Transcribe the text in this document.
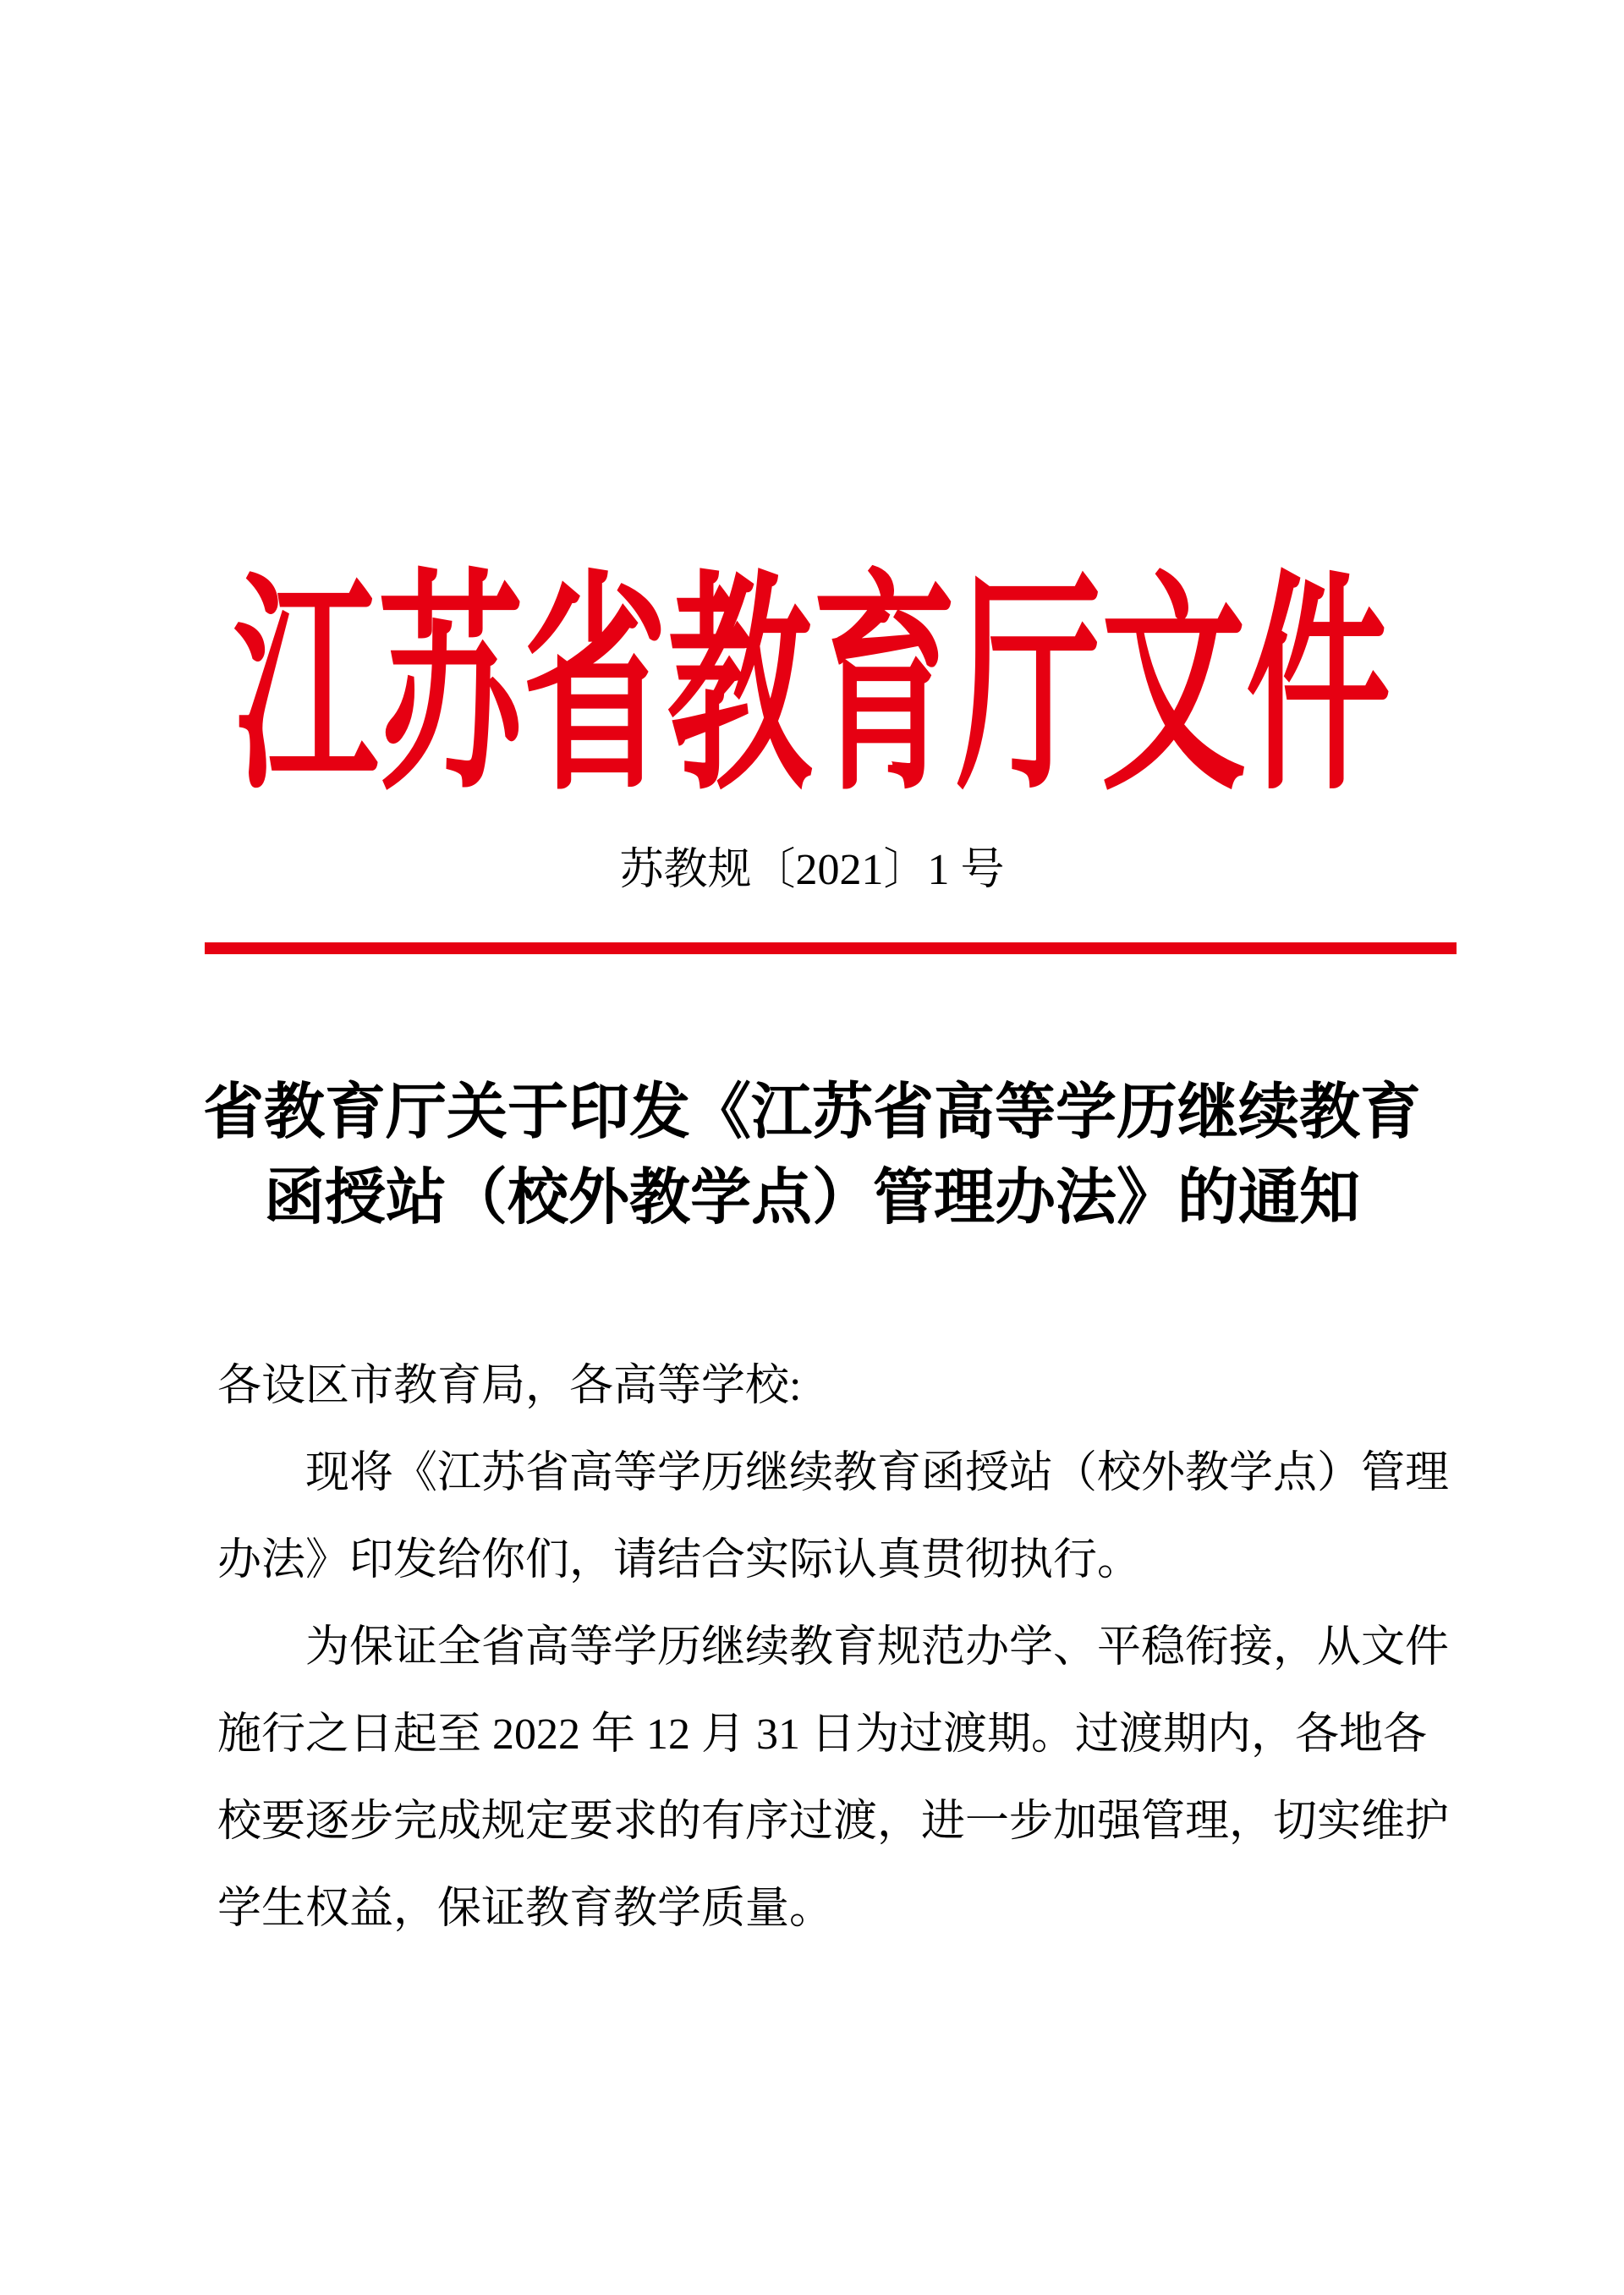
江苏省教育厅文件
苏教规〔2021〕1 号
省教育厅关于印发《江苏省高等学历继续教育
函授站（校外教学点）管理办法》的通知
各设区市教育局，各高等学校:
　　现将《江苏省高等学历继续教育函授站（校外教学点）管理
办法》印发给你们，请结合实际认真贯彻执行。
　　为保证全省高等学历继续教育规范办学、平稳衔接，从文件
施行之日起至 2022 年 12 月 31 日为过渡期。过渡期内，各地各
校要逐步完成规定要求的有序过渡，进一步加强管理，切实维护
学生权益，保证教育教学质量。
